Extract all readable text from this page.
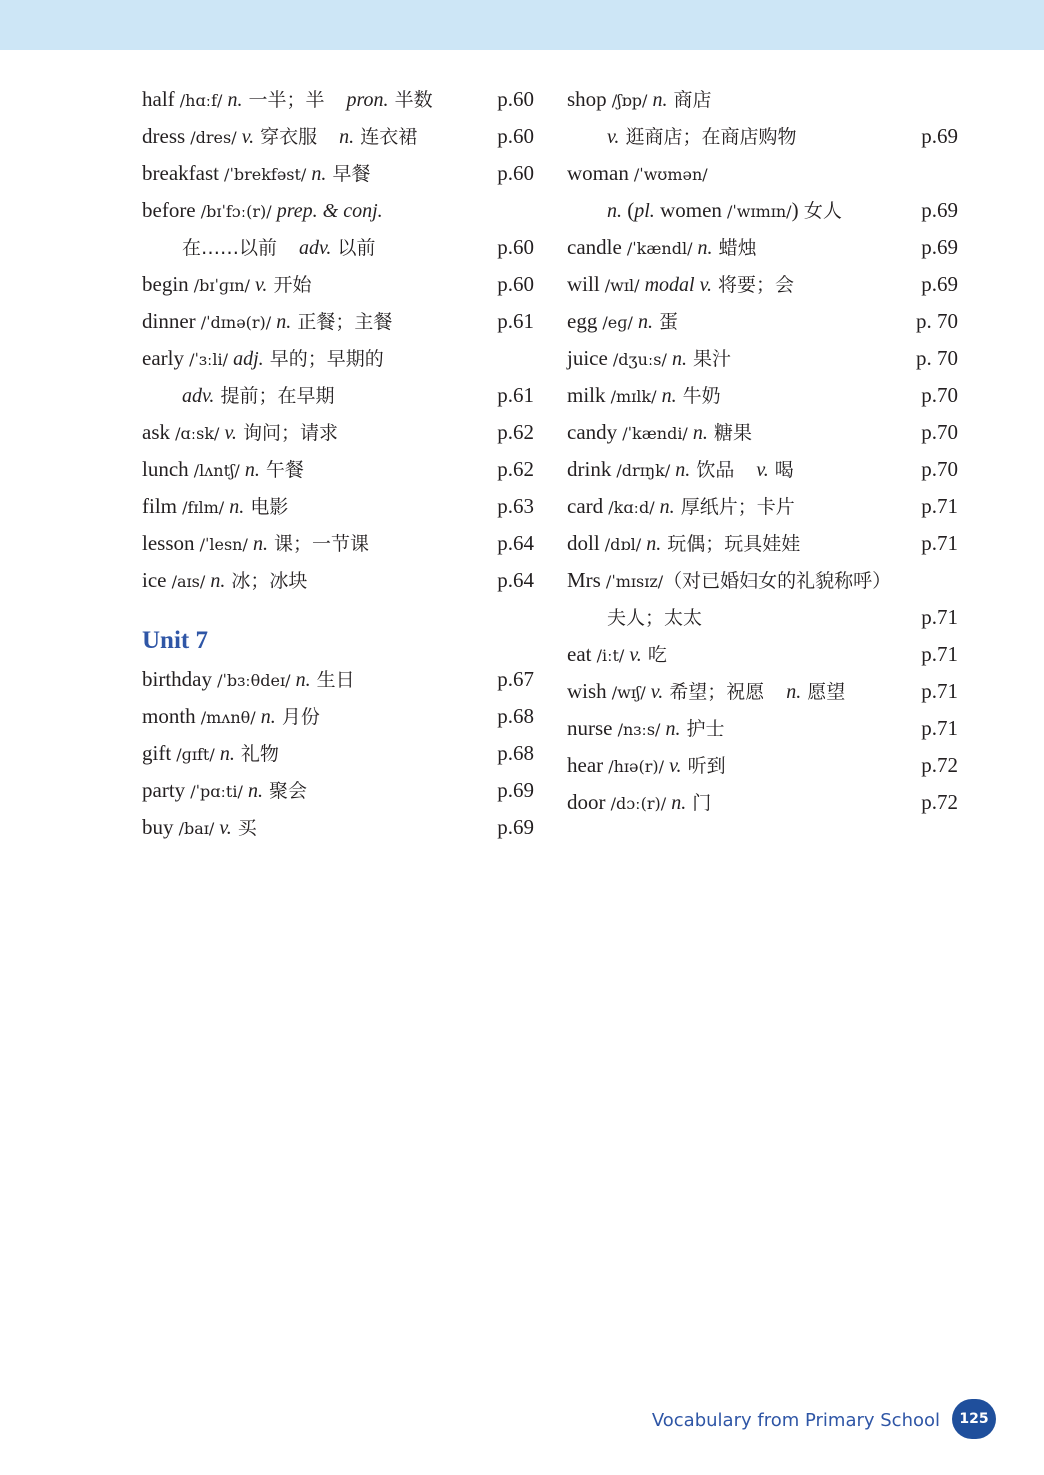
half /hɑːf/ n. 一半；半 pron. 半数	p.60
dress /dres/ v. 穿衣服 n. 连衣裙	p.60
breakfast /ˈbrekfəst/ n. 早餐	p.60
before /bɪˈfɔː(r)/ prep. & conj.
在……以前 adv. 以前	p.60
begin /bɪˈɡɪn/ v. 开始	p.60
dinner /ˈdɪnə(r)/ n. 正餐；主餐	p.61
early /ˈɜːli/ adj. 早的；早期的
adv. 提前；在早期	p.61
ask /ɑːsk/ v. 询问；请求	p.62
lunch /lʌntʃ/ n. 午餐	p.62
film /fɪlm/ n. 电影	p.63
lesson /ˈlesn/ n. 课；一节课	p.64
ice /aɪs/ n. 冰；冰块	p.64
Unit 7
birthday /ˈbɜːθdeɪ/ n. 生日	p.67
month /mʌnθ/ n. 月份	p.68
gift /ɡɪft/ n. 礼物	p.68
party /ˈpɑːti/ n. 聚会	p.69
buy /baɪ/ v. 买	p.69
shop /ʃɒp/ n. 商店
v. 逛商店；在商店购物	p.69
woman /ˈwʊmən/
n. (pl. women /ˈwɪmɪn/) 女人	p.69
candle /ˈkændl/ n. 蜡烛	p.69
will /wɪl/ modal v. 将要；会	p.69
egg /eɡ/ n. 蛋	p. 70
juice /dʒuːs/ n. 果汁	p. 70
milk /mɪlk/ n. 牛奶	p.70
candy /ˈkændi/ n. 糖果	p.70
drink /drɪŋk/ n. 饮品 v. 喝	p.70
card /kɑːd/ n. 厚纸片；卡片	p.71
doll /dɒl/ n. 玩偶；玩具娃娃	p.71
Mrs /ˈmɪsɪz/（对已婚妇女的礼貌称呼）
夫人；太太	p.71
eat /iːt/ v. 吃	p.71
wish /wɪʃ/ v. 希望；祝愿 n. 愿望	p.71
nurse /nɜːs/ n. 护士	p.71
hear /hɪə(r)/ v. 听到	p.72
door /dɔː(r)/ n. 门	p.72
Vocabulary from Primary School	125
